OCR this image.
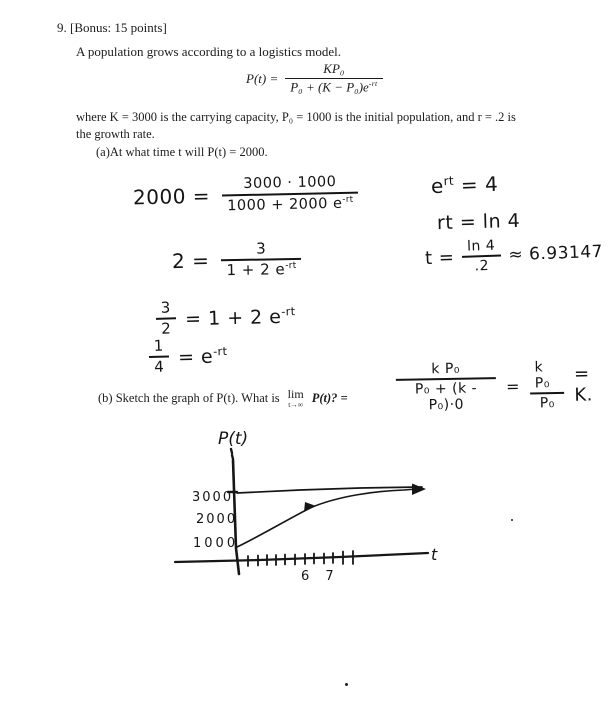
9. [Bonus: 15 points]
A population grows according to a logistics model.
$P(t) = \frac{\text{KP₀}}{P_0 + (K - P_0)e^{-rt}}$
where K = 3000 is the carrying capacity, P₀ = 1000 is the initial population, and r = .2 is
the growth rate.
(a)At what time t will P(t) = 2000.
$2000 = \frac{3000 \cdot 1000}{1000 + 2000 e^{-rt}}$
$2 = \frac{3}{1 + 2 e^{-rt}}$
$\frac{3}{2} = 1 + 2$ $e^{-rt}$
$\frac{1}{4} = e^{-rt}$
$e^{rt} = 4$
rt = ln 4
$t = \frac{\ln 4}{.2} \approx 6.93147$
(b) Sketch the graph of P(t). What is lim
t→∞ P(t)? =	$\frac{\text{k P₀}}{\text{P₀ + (k - P₀)·0}} = \frac{\text{k P₀}}{\text{P₀}} = K$.
P(t)
3000
2000
1000
6 7
t
